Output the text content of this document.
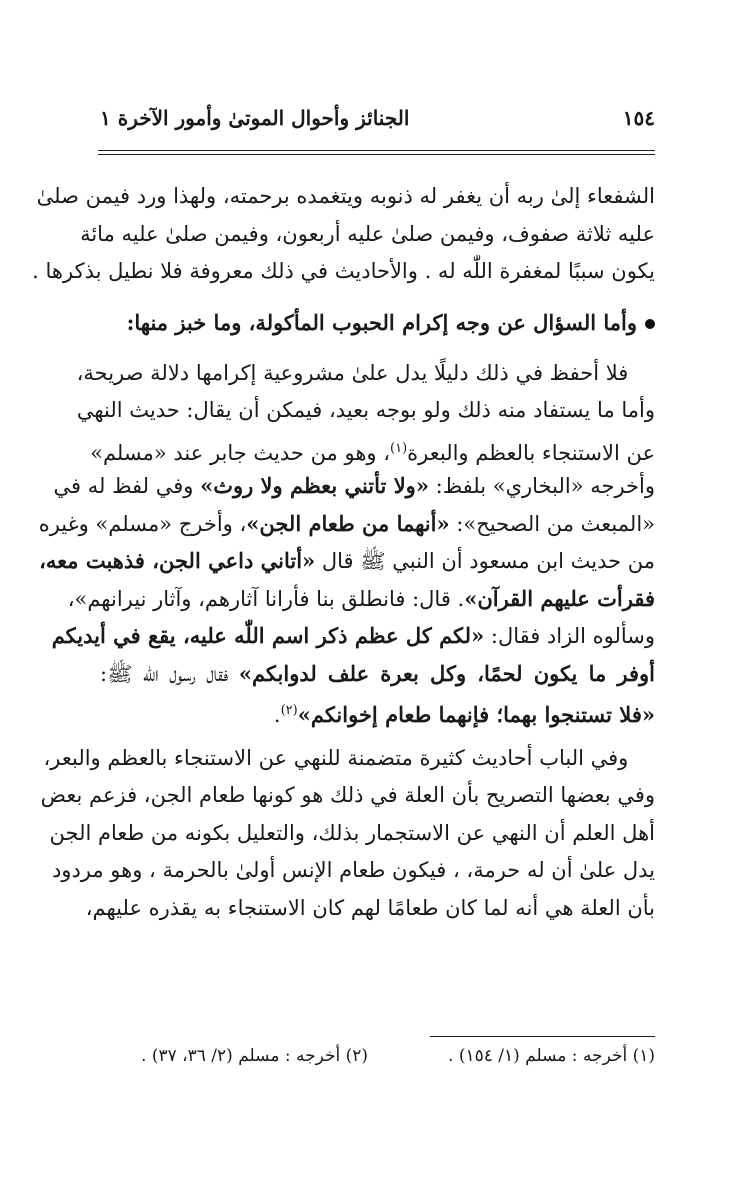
١٥٤
الجنائز وأحوال الموتىٰ وأمور الآخرة ١
الشفعاء إلىٰ ربه أن يغفر له ذنوبه ويتغمده برحمته، ولهذا ورد فيمن صلىٰ
عليه ثلاثة صفوف، وفيمن صلىٰ عليه أربعون، وفيمن صلىٰ عليه مائة
يكون سببًا لمغفرة اللّٰه له . والأحاديث في ذلك معروفة فلا نطيل بذكرها .
وأما السؤال عن وجه إكرام الحبوب المأكولة، وما خبز منها:
فلا أحفظ في ذلك دليلًا يدل علىٰ مشروعية إكرامها دلالة صريحة،
وأما ما يستفاد منه ذلك ولو بوجه بعيد، فيمكن أن يقال: حديث النهي
عن الاستنجاء بالعظم والبعرة$^{(١)}$، وهو من حديث جابر عند «مسلم»
وأخرجه «البخاري» بلفظ: «ولا تأتني بعظم ولا روث» وفي لفظ له في
«المبعث من الصحيح»: «أنهما من طعام الجن»، وأخرج «مسلم» وغيره
من حديث ابن مسعود أن النبي ﷺ قال «أتاني داعي الجن، فذهبت معه،
فقرأت عليهم القرآن». قال: فانطلق بنا فأرانا آثارهم، وآثار نيرانهم»،
وسألوه الزاد فقال: «لكم كل عظم ذكر اسم اللّٰه عليه، يقع في أيديكم
أوفر ما يكون لحمًا، وكل بعرة علف لدوابكم» فقال رسول اللّٰه ﷺ:
«فلا تستنجوا بهما؛ فإنهما طعام إخوانكم»$^{(٢)}$.
وفي الباب أحاديث كثيرة متضمنة للنهي عن الاستنجاء بالعظم والبعر،
وفي بعضها التصريح بأن العلة في ذلك هو كونها طعام الجن، فزعم بعض
أهل العلم أن النهي عن الاستجمار بذلك، والتعليل بكونه من طعام الجن
يدل علىٰ أن له حرمة، ، فيكون طعام الإنس أولىٰ بالحرمة ، وهو مردود
بأن العلة هي أنه لما كان طعامًا لهم كان الاستنجاء به يقذره عليهم،
(١) أخرجه : مسلم (١/ ١٥٤) .
(٢) أخرجه : مسلم (٢/ ٣٦، ٣٧) .
